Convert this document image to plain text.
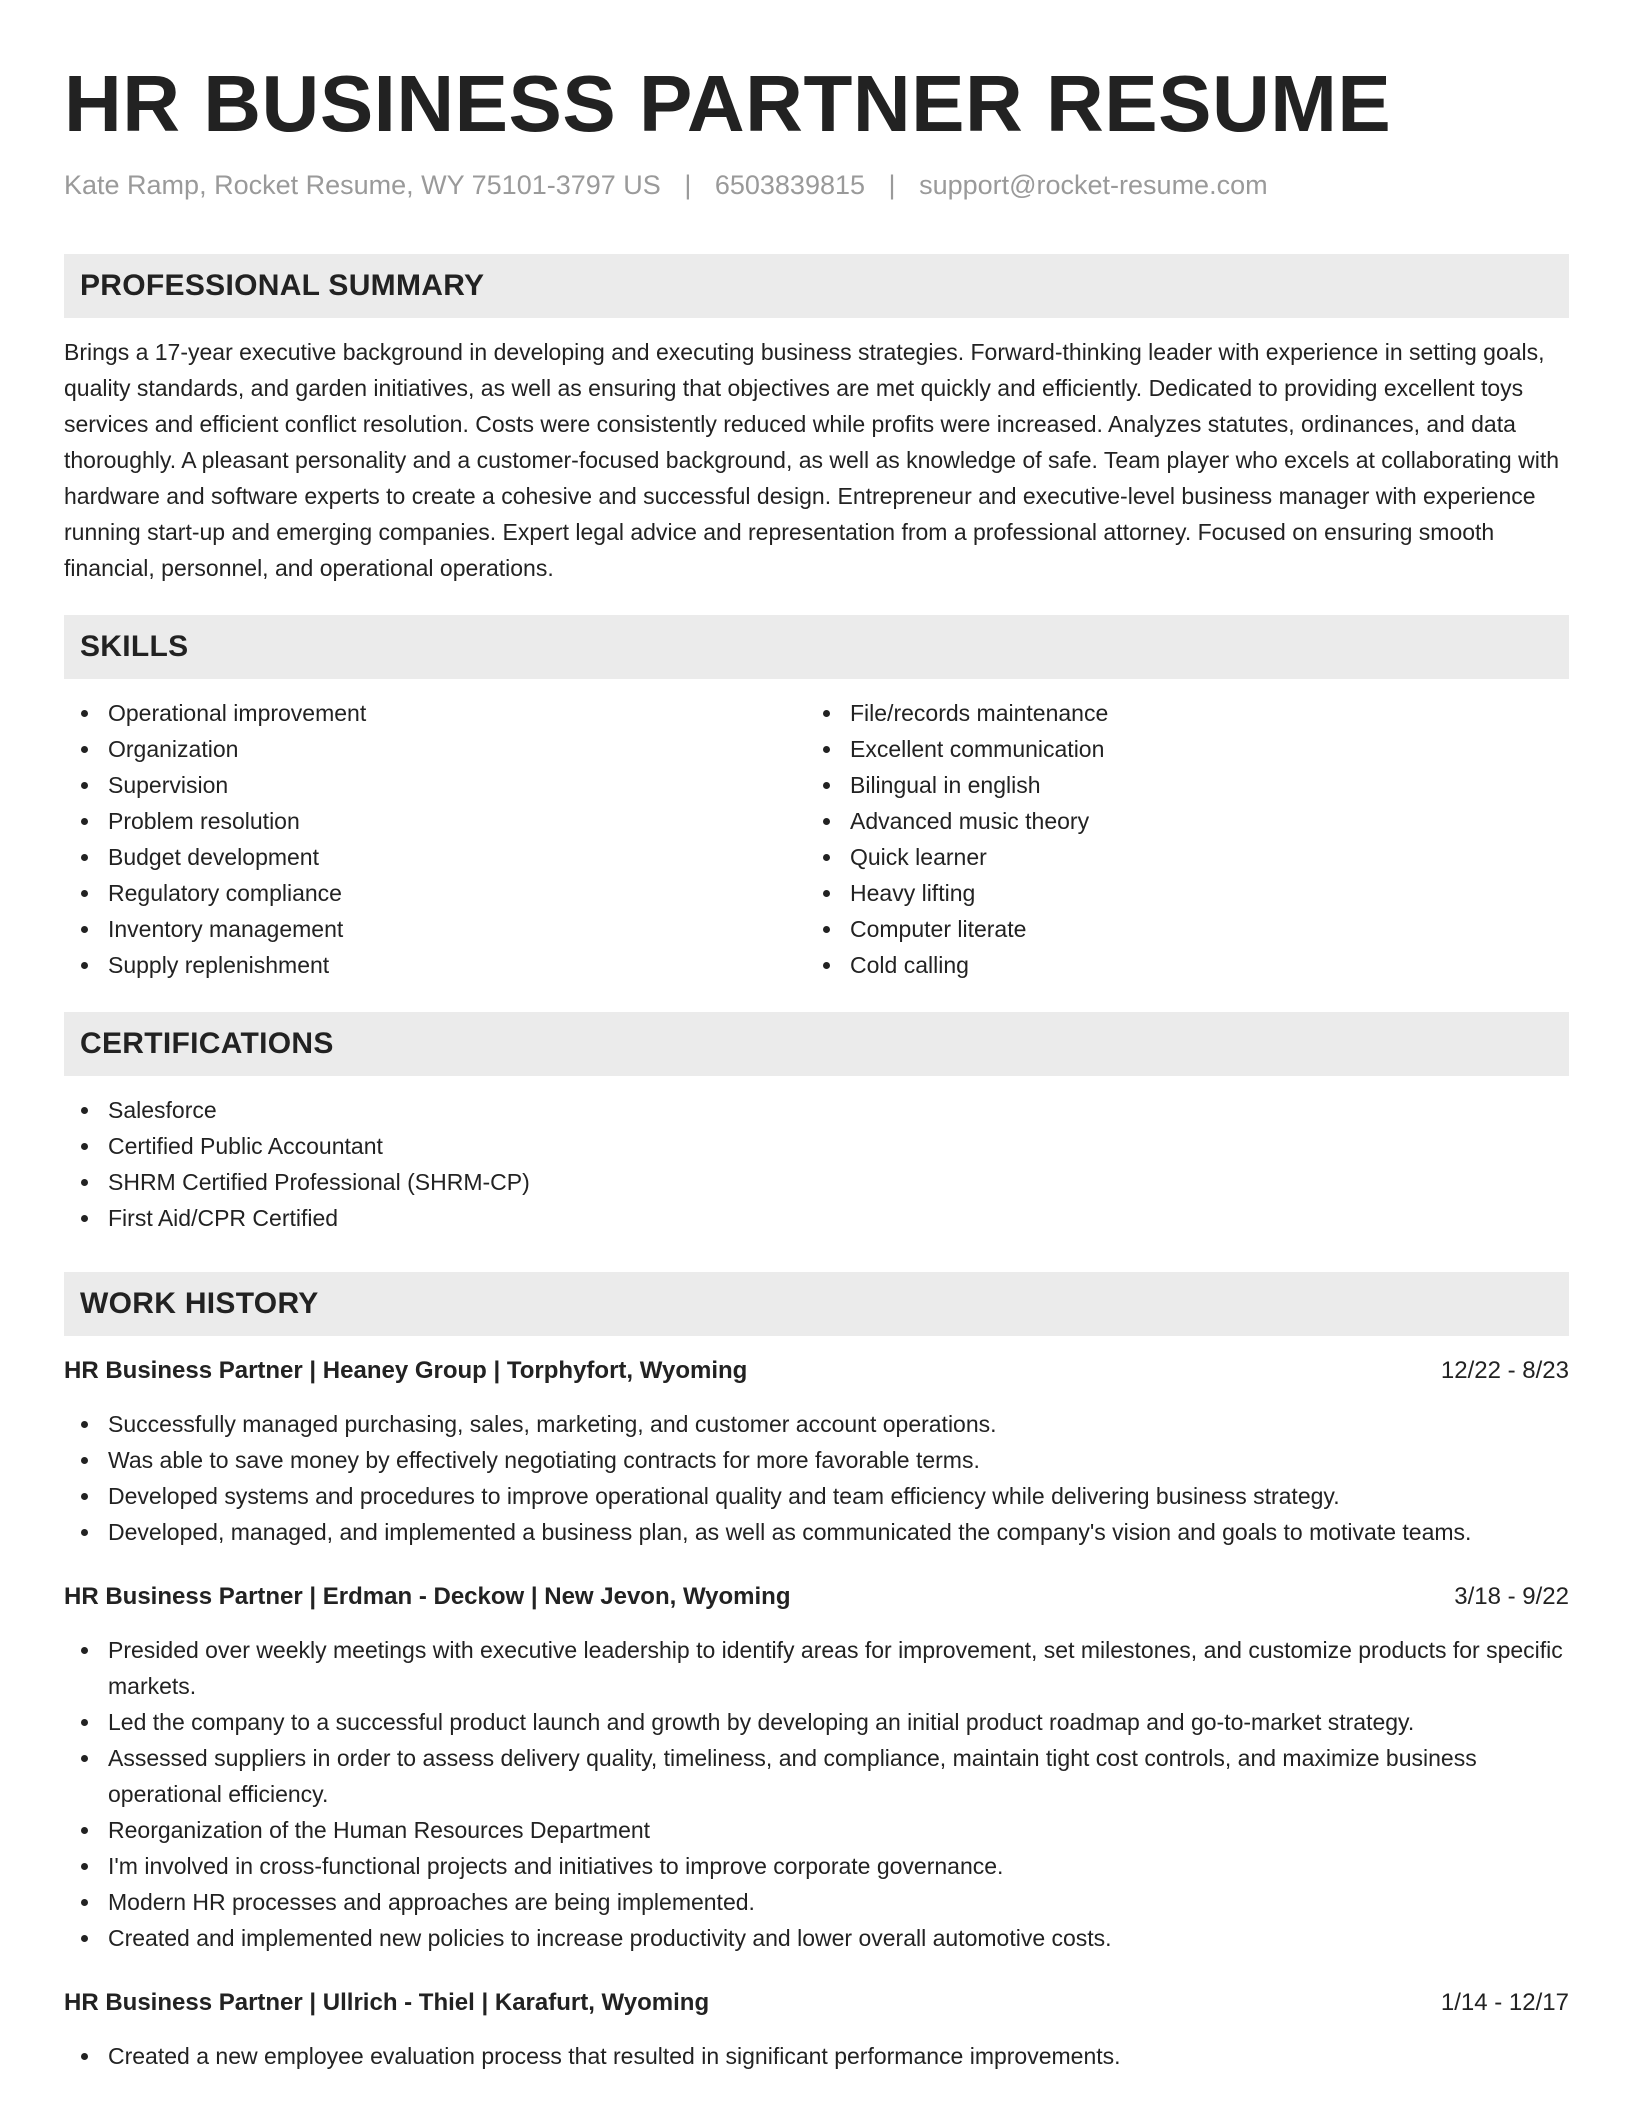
HR BUSINESS PARTNER RESUME
Kate Ramp, Rocket Resume, WY 75101-3797 US | 6503839815 | support@rocket-resume.com
PROFESSIONAL SUMMARY

Brings a 17-year executive background in developing and executing business strategies. Forward-thinking leader with experience in setting goals, quality standards, and garden initiatives, as well as ensuring that objectives are met quickly and efficiently. Dedicated to providing excellent toys services and efficient conflict resolution. Costs were consistently reduced while profits were increased. Analyzes statutes, ordinances, and data thoroughly. A pleasant personality and a customer-focused background, as well as knowledge of safe. Team player who excels at collaborating with hardware and software experts to create a cohesive and successful design. Entrepreneur and executive-level business manager with experience running start-up and emerging companies. Expert legal advice and representation from a professional attorney. Focused on ensuring smooth financial, personnel, and operational operations.

SKILLS
Operational improvement
Organization
Supervision
Problem resolution
Budget development
Regulatory compliance
Inventory management
Supply replenishment
File/records maintenance
Excellent communication
Bilingual in english
Advanced music theory
Quick learner
Heavy lifting
Computer literate
Cold calling
CERTIFICATIONS
Salesforce
Certified Public Accountant
SHRM Certified Professional (SHRM-CP)
First Aid/CPR Certified
WORK HISTORY
HR Business Partner | Heaney Group | Torphyfort, Wyoming	12/22 - 8/23
Successfully managed purchasing, sales, marketing, and customer account operations.
Was able to save money by effectively negotiating contracts for more favorable terms.
Developed systems and procedures to improve operational quality and team efficiency while delivering business strategy.
Developed, managed, and implemented a business plan, as well as communicated the company's vision and goals to motivate teams.
HR Business Partner | Erdman - Deckow | New Jevon, Wyoming	3/18 - 9/22
Presided over weekly meetings with executive leadership to identify areas for improvement, set milestones, and customize products for specific markets.
Led the company to a successful product launch and growth by developing an initial product roadmap and go-to-market strategy.
Assessed suppliers in order to assess delivery quality, timeliness, and compliance, maintain tight cost controls, and maximize business operational efficiency.
Reorganization of the Human Resources Department
I'm involved in cross-functional projects and initiatives to improve corporate governance.
Modern HR processes and approaches are being implemented.
Created and implemented new policies to increase productivity and lower overall automotive costs.
HR Business Partner | Ullrich - Thiel | Karafurt, Wyoming	1/14 - 12/17
Created a new employee evaluation process that resulted in significant performance improvements.
